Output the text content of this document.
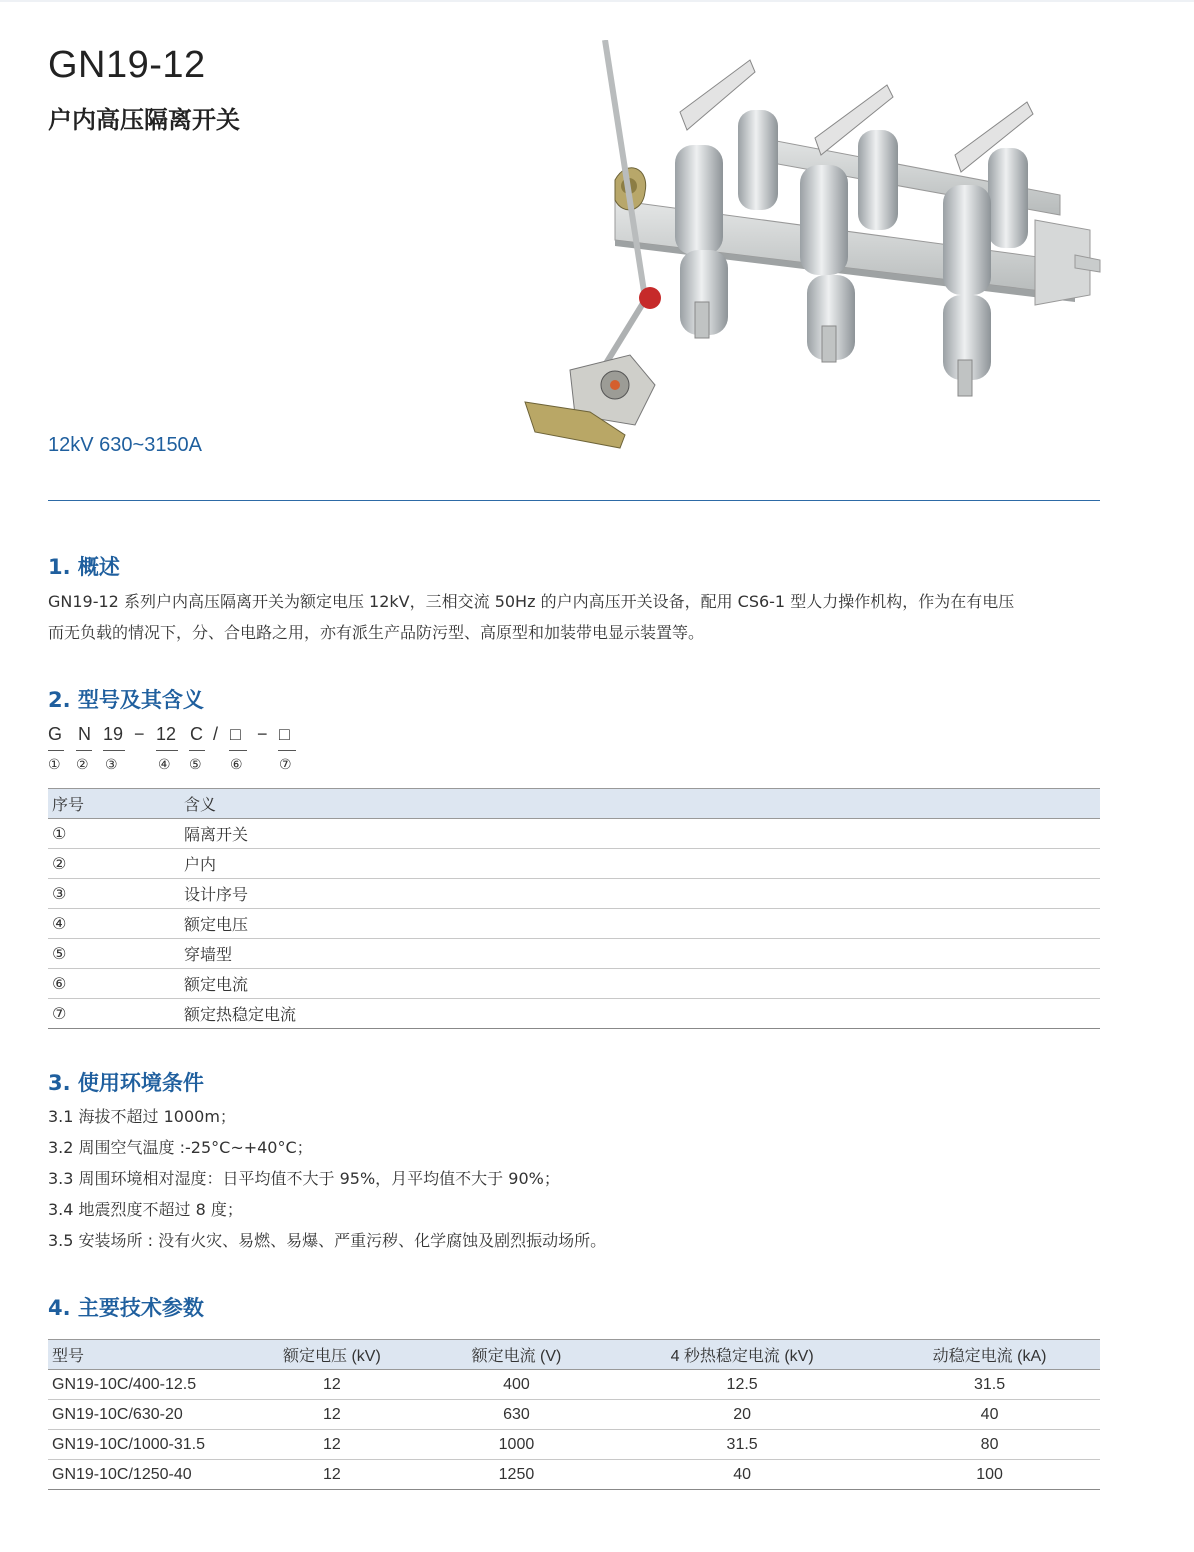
GN19-12
户内高压隔离开关
12kV 630~3150A
1. 概述
GN19-12 系列户内高压隔离开关为额定电压 12kV，三相交流 50Hz 的户内高压开关设备，配用 CS6-1 型人力操作机构，作为在有电压
而无负载的情况下，分、合电路之用，亦有派生产品防污型、高原型和加装带电显示装置等。
2. 型号及其含义
G N 19 − 12 C / □ − □
① ② ③	④ ⑤ ⑥	⑦
序号	含义
①	隔离开关
②	户内
③	设计序号
④	额定电压
⑤	穿墙型
⑥	额定电流
⑦	额定热稳定电流
3. 使用环境条件
3.1 海拔不超过 1000m；
3.2 周围空气温度 :-25°C~+40°C；
3.3 周围环境相对湿度：日平均值不大于 95%，月平均值不大于 90%；
3.4 地震烈度不超过 8 度；
3.5 安装场所 : 没有火灾、易燃、易爆、严重污秽、化学腐蚀及剧烈振动场所。
4. 主要技术参数
型号	额定电压 (kV)	额定电流 (V)	4 秒热稳定电流 (kV)	动稳定电流 (kA)
GN19-10C/400-12.5	12	400	12.5	31.5
GN19-10C/630-20	12	630	20	40
GN19-10C/1000-31.5	12	1000	31.5	80
GN19-10C/1250-40	12	1250	40	100
